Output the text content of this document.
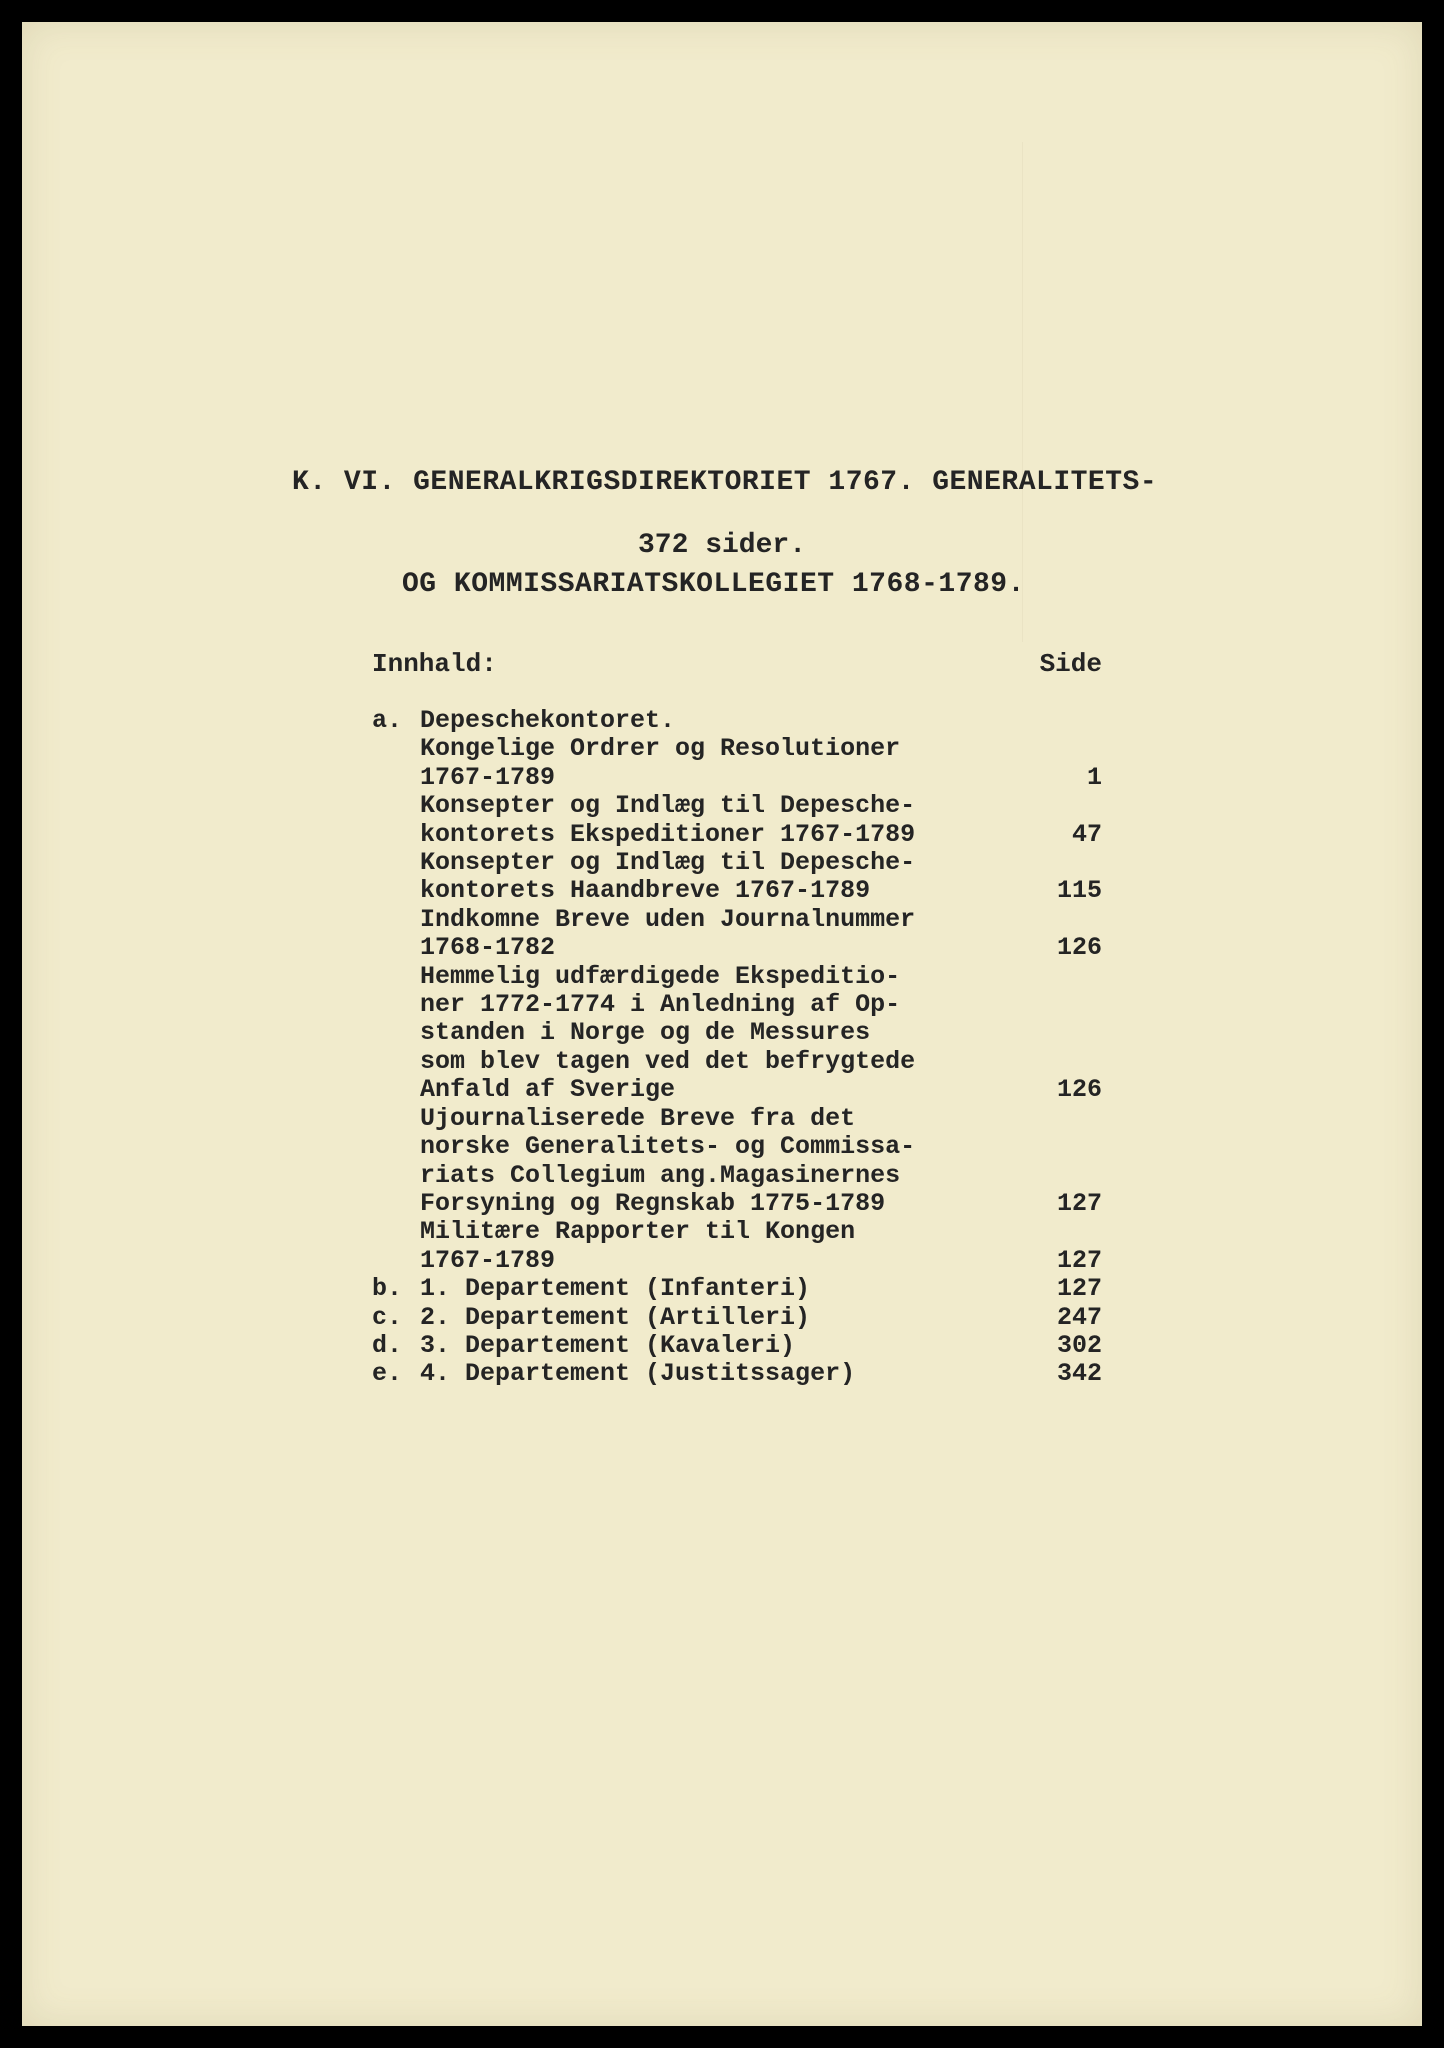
K. VI. GENERALKRIGSDIREKTORIET 1767. GENERALITETS-

OG KOMMISSARIATSKOLLEGIET 1768-1789.

372 sider.
Innhald:	Side
a. Depeschekontoret.
Kongelige Ordrer og Resolutioner
1767-1789	1
Konsepter og Indlæg til Depesche-
kontorets Ekspeditioner 1767-1789	47
Konsepter og Indlæg til Depesche-
kontorets Haandbreve 1767-1789	115
Indkomne Breve uden Journalnummer
1768-1782	126
Hemmelig udfærdigede Ekspeditio-
ner 1772-1774 i Anledning af Op-
standen i Norge og de Messures
som blev tagen ved det befrygtede
Anfald af Sverige	126
Ujournaliserede Breve fra det
norske Generalitets- og Commissa-
riats Collegium ang.Magasinernes
Forsyning og Regnskab 1775-1789	127
Militære Rapporter til Kongen
1767-1789	127
b. 1. Departement (Infanteri)	127
c. 2. Departement (Artilleri)	247
d. 3. Departement (Kavaleri)	302
e. 4. Departement (Justitssager)	342
